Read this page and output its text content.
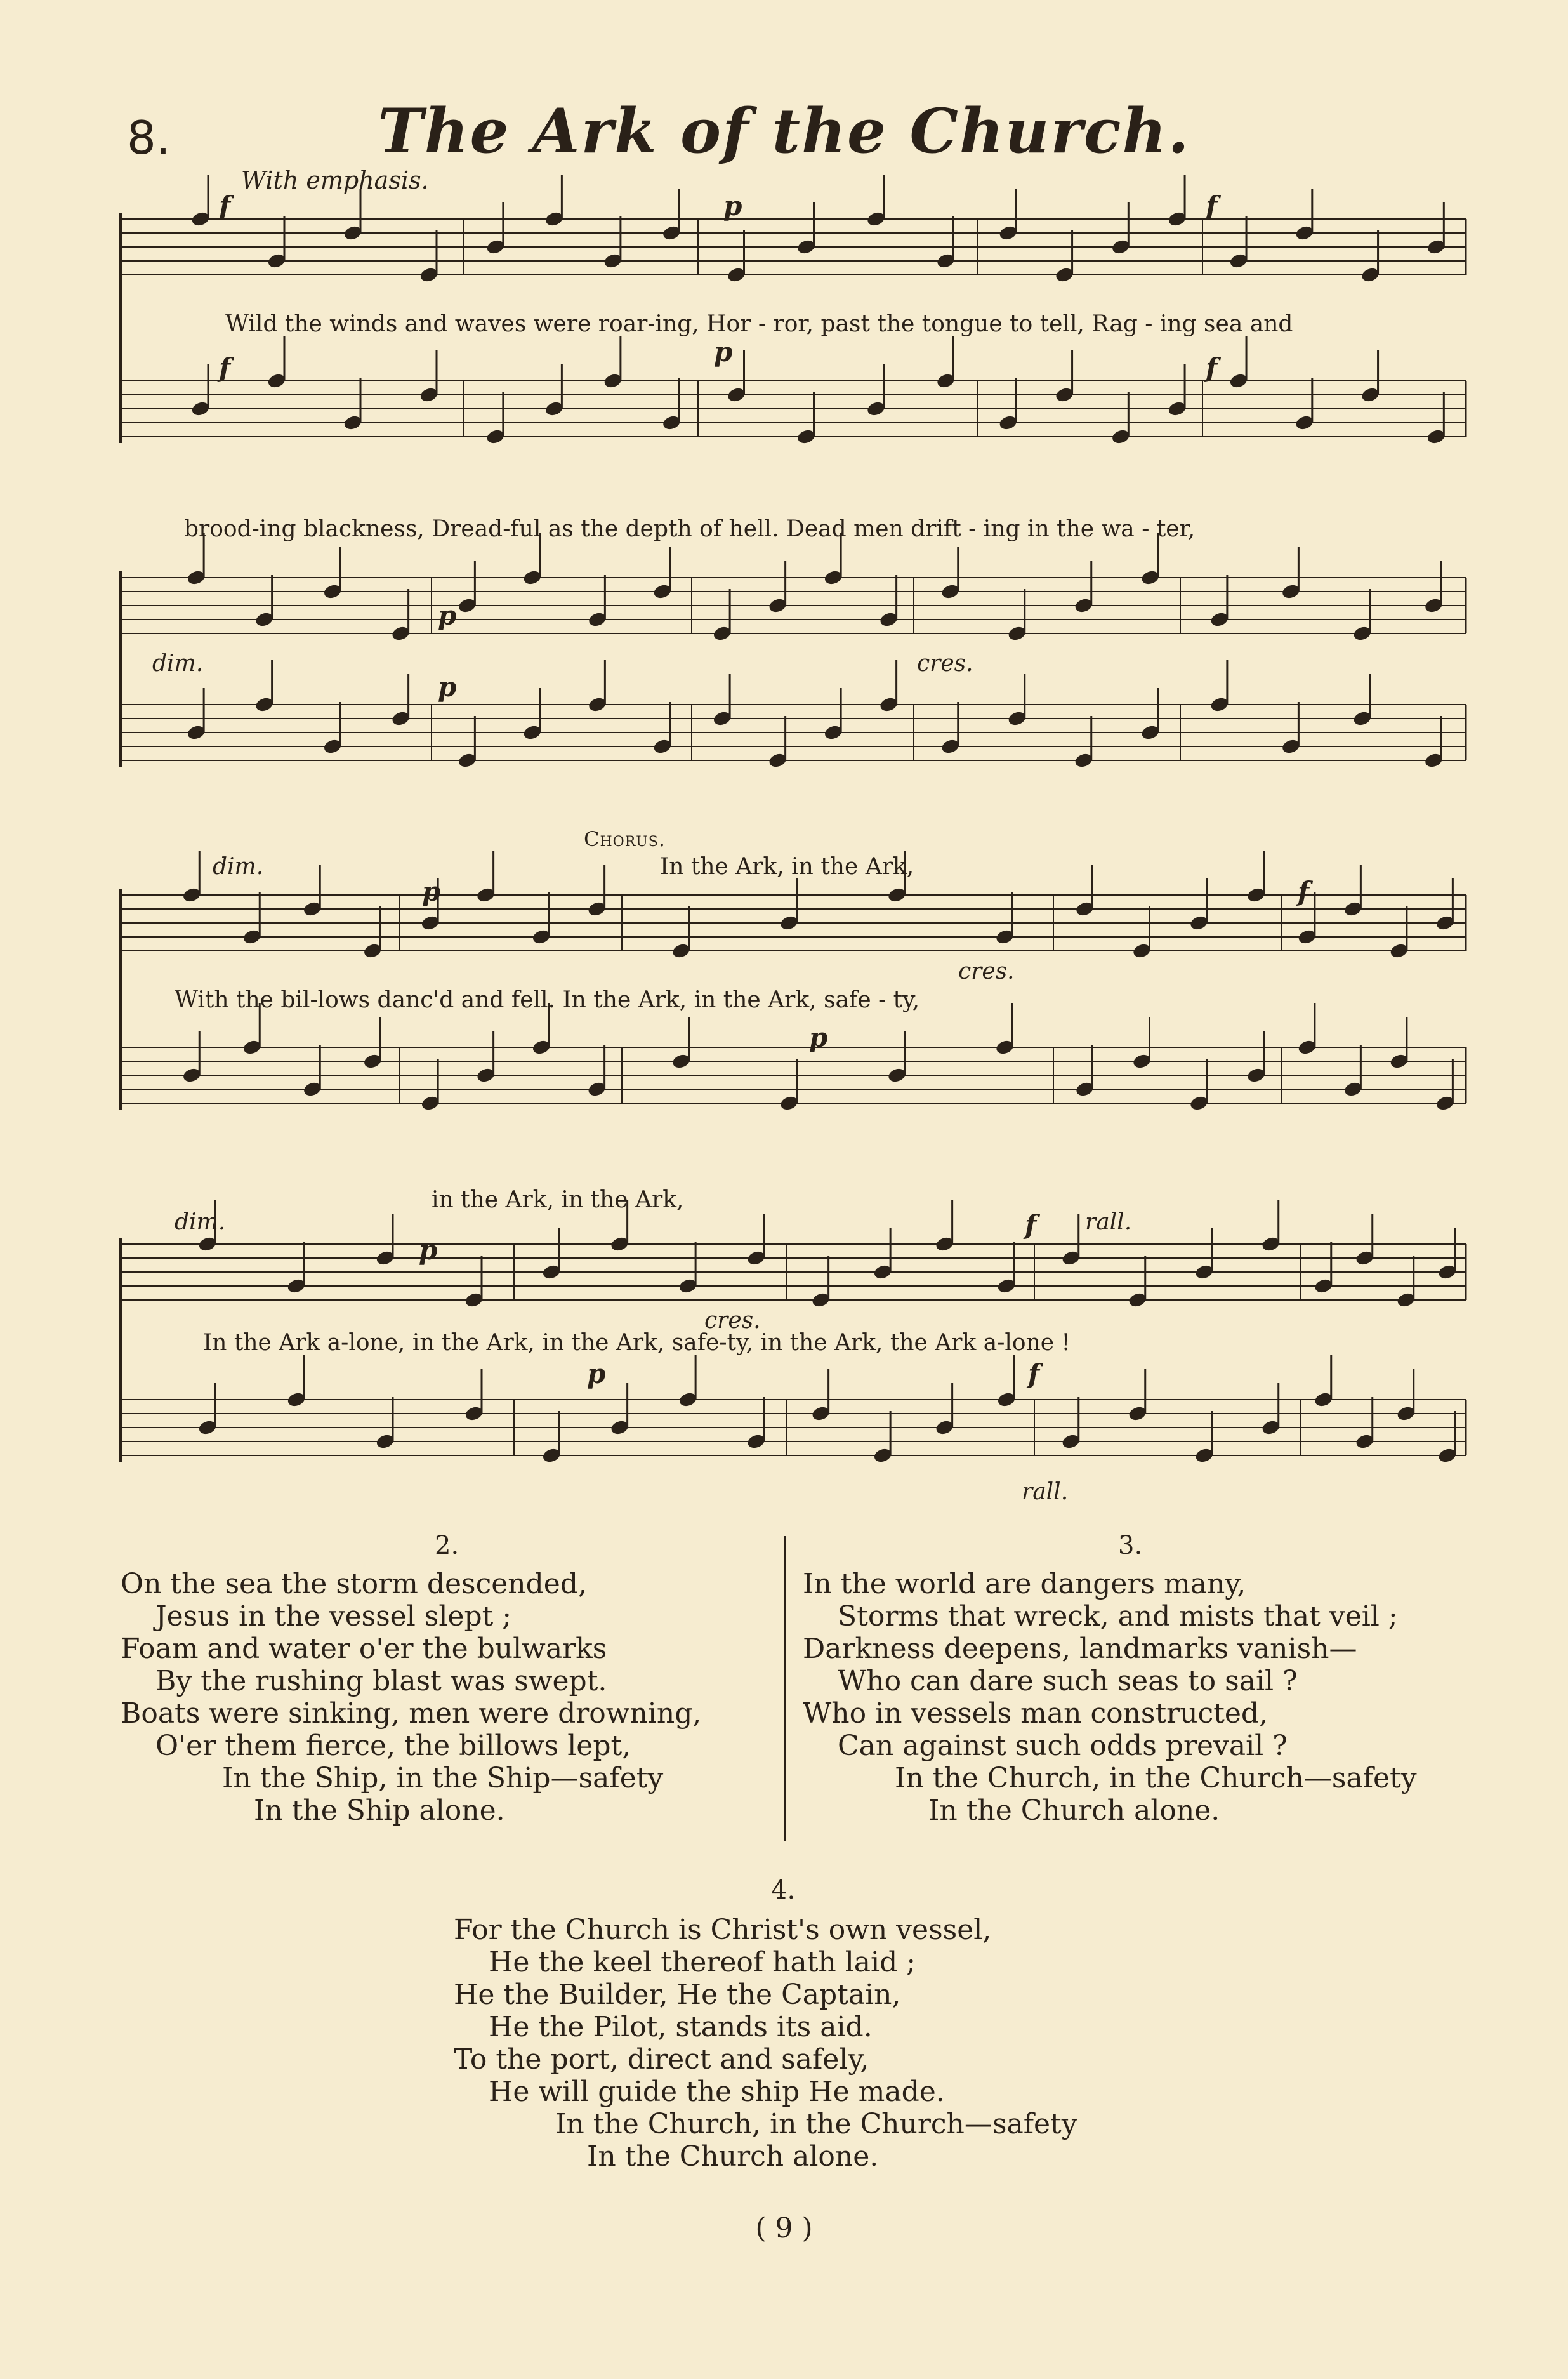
8.	The Ark of the Church.
With emphasis.
f	p	f
Wild the winds and waves were roar-ing, Hor - ror, past the tongue to tell, Rag - ing sea and
f
p
f
brood-ing blackness, Dread-ful as the depth of hell. Dead men drift - ing in the wa - ter,
p
dim.	cres.
p
dim.
Chorus.
In the Ark, in the Ark,
p	f
cres.
With the bil-lows danc'd and fell. In the Ark, in the Ark, safe - ty,
p
in the Ark, in the Ark,
dim.
p
f rall.
cres.
In the Ark a-lone, in the Ark, in the Ark, safe-ty, in the Ark, the Ark a-lone !
p	f
rall.
2.
On the sea the storm descended,
Jesus in the vessel slept ;
Foam and water o'er the bulwarks
By the rushing blast was swept.
Boats were sinking, men were drowning,
O'er them fierce, the billows lept,
In the Ship, in the Ship—safety
In the Ship alone.
3.
In the world are dangers many,
Storms that wreck, and mists that veil ;
Darkness deepens, landmarks vanish—
Who can dare such seas to sail ?
Who in vessels man constructed,
Can against such odds prevail ?
In the Church, in the Church—safety
In the Church alone.
4.
For the Church is Christ's own vessel,
He the keel thereof hath laid ;
He the Builder, He the Captain,
He the Pilot, stands its aid.
To the port, direct and safely,
He will guide the ship He made.
In the Church, in the Church—safety
In the Church alone.
( 9 )
